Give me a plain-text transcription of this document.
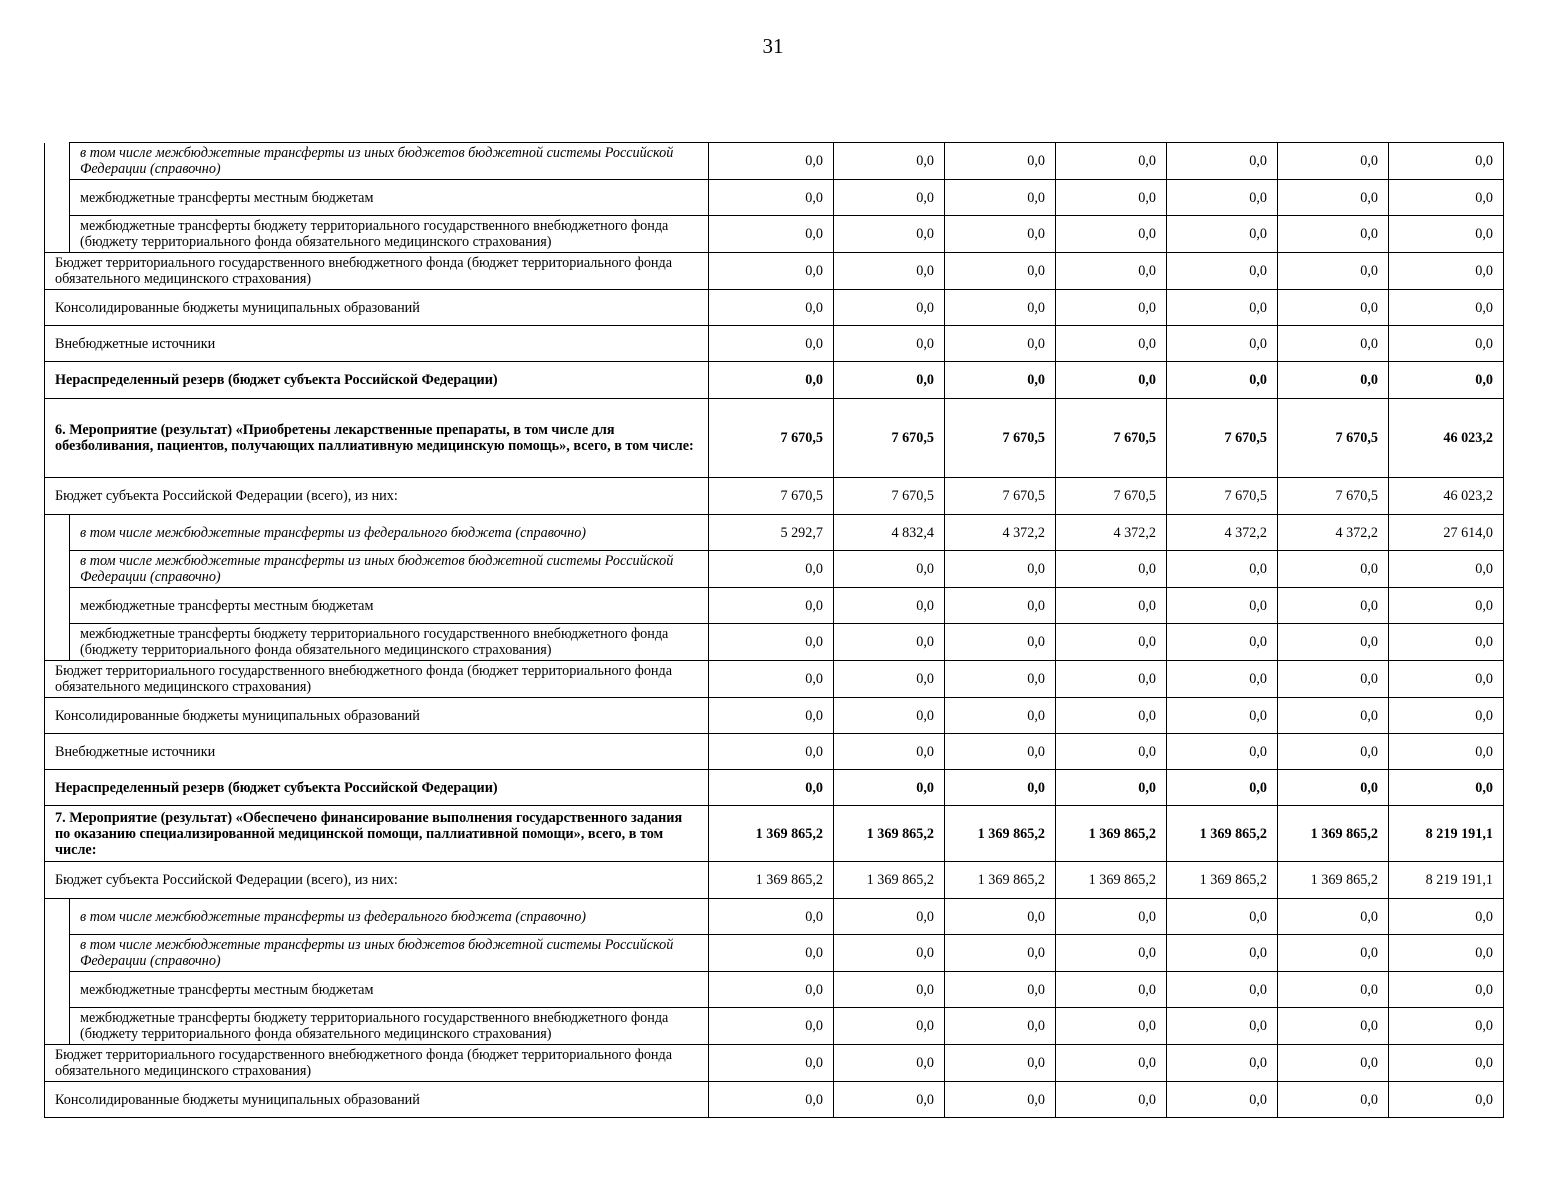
31
	в том числе межбюджетные трансферты из иных бюджетов бюджетной системы Российской Федерации (справочно)	0,0	0,0	0,0	0,0	0,0	0,0	0,0
	межбюджетные трансферты местным бюджетам	0,0	0,0	0,0	0,0	0,0	0,0	0,0
	межбюджетные трансферты бюджету территориального государственного внебюджетного фонда (бюджету территориального фонда обязательного медицинского страхования)	0,0	0,0	0,0	0,0	0,0	0,0	0,0
Бюджет территориального государственного внебюджетного фонда (бюджет территориального фонда обязательного медицинского страхования)		0,0	0,0	0,0	0,0	0,0	0,0	0,0
Консолидированные бюджеты муниципальных образований		0,0	0,0	0,0	0,0	0,0	0,0	0,0
Внебюджетные источники		0,0	0,0	0,0	0,0	0,0	0,0	0,0
Нераспределенный резерв (бюджет субъекта Российской Федерации)		0,0	0,0	0,0	0,0	0,0	0,0	0,0
6. Мероприятие (результат) «Приобретены лекарственные препараты, в том числе для обезболивания, пациентов, получающих паллиативную медицинскую помощь», всего, в том числе:		7 670,5	7 670,5	7 670,5	7 670,5	7 670,5	7 670,5	46 023,2
Бюджет субъекта Российской Федерации (всего), из них:		7 670,5	7 670,5	7 670,5	7 670,5	7 670,5	7 670,5	46 023,2
	в том числе межбюджетные трансферты из федерального бюджета (справочно)	5 292,7	4 832,4	4 372,2	4 372,2	4 372,2	4 372,2	27 614,0
	в том числе межбюджетные трансферты из иных бюджетов бюджетной системы Российской Федерации (справочно)	0,0	0,0	0,0	0,0	0,0	0,0	0,0
	межбюджетные трансферты местным бюджетам	0,0	0,0	0,0	0,0	0,0	0,0	0,0
	межбюджетные трансферты бюджету территориального государственного внебюджетного фонда (бюджету территориального фонда обязательного медицинского страхования)	0,0	0,0	0,0	0,0	0,0	0,0	0,0
Бюджет территориального государственного внебюджетного фонда (бюджет территориального фонда обязательного медицинского страхования)		0,0	0,0	0,0	0,0	0,0	0,0	0,0
Консолидированные бюджеты муниципальных образований		0,0	0,0	0,0	0,0	0,0	0,0	0,0
Внебюджетные источники		0,0	0,0	0,0	0,0	0,0	0,0	0,0
Нераспределенный резерв (бюджет субъекта Российской Федерации)		0,0	0,0	0,0	0,0	0,0	0,0	0,0
7. Мероприятие (результат) «Обеспечено финансирование выполнения государственного задания по оказанию специализированной медицинской помощи, паллиативной помощи», всего, в том числе:		1 369 865,2	1 369 865,2	1 369 865,2	1 369 865,2	1 369 865,2	1 369 865,2	8 219 191,1
Бюджет субъекта Российской Федерации (всего), из них:		1 369 865,2	1 369 865,2	1 369 865,2	1 369 865,2	1 369 865,2	1 369 865,2	8 219 191,1
	в том числе межбюджетные трансферты из федерального бюджета (справочно)	0,0	0,0	0,0	0,0	0,0	0,0	0,0
	в том числе межбюджетные трансферты из иных бюджетов бюджетной системы Российской Федерации (справочно)	0,0	0,0	0,0	0,0	0,0	0,0	0,0
	межбюджетные трансферты местным бюджетам	0,0	0,0	0,0	0,0	0,0	0,0	0,0
	межбюджетные трансферты бюджету территориального государственного внебюджетного фонда (бюджету территориального фонда обязательного медицинского страхования)	0,0	0,0	0,0	0,0	0,0	0,0	0,0
Бюджет территориального государственного внебюджетного фонда (бюджет территориального фонда обязательного медицинского страхования)		0,0	0,0	0,0	0,0	0,0	0,0	0,0
Консолидированные бюджеты муниципальных образований		0,0	0,0	0,0	0,0	0,0	0,0	0,0
